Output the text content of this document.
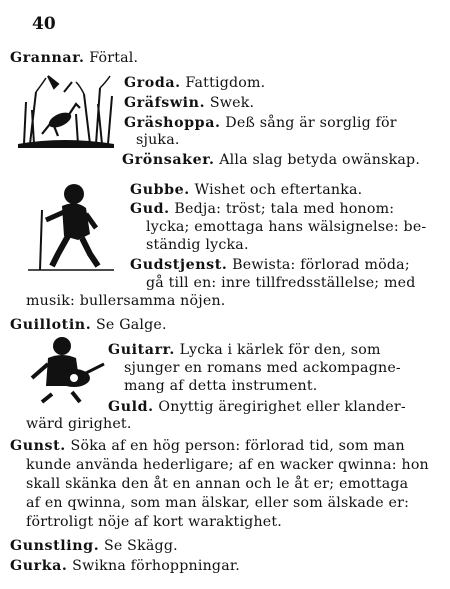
40
Grannar. Förtal.
Groda. Fattigdom.
Gräfswin. Swek.
Gräshoppa. Deß sång är sorglig för
sjuka.
Grönsaker. Alla slag betyda owänskap.
Gubbe. Wishet och eftertanka.
Gud. Bedja: tröst; tala med honom:
lycka; emottaga hans wälsignelse: be-
ständig lycka.
Gudstjenst. Bewista: förlorad möda;
gå till en: inre tillfredsställelse; med
musik: bullersamma nöjen.
Guillotin. Se Galge.
Guitarr. Lycka i kärlek för den, som
sjunger en romans med ackompagne-
mang af detta instrument.
Guld. Onyttig äregirighet eller klander-
wärd girighet.
Gunst. Söka af en hög person: förlorad tid, som man
kunde använda hederligare; af en wacker qwinna: hon
skall skänka den åt en annan och le åt er; emottaga
af en qwinna, som man älskar, eller som älskade er:
förtroligt nöje af kort waraktighet.
Gunstling. Se Skägg.
Gurka. Swikna förhoppningar.
